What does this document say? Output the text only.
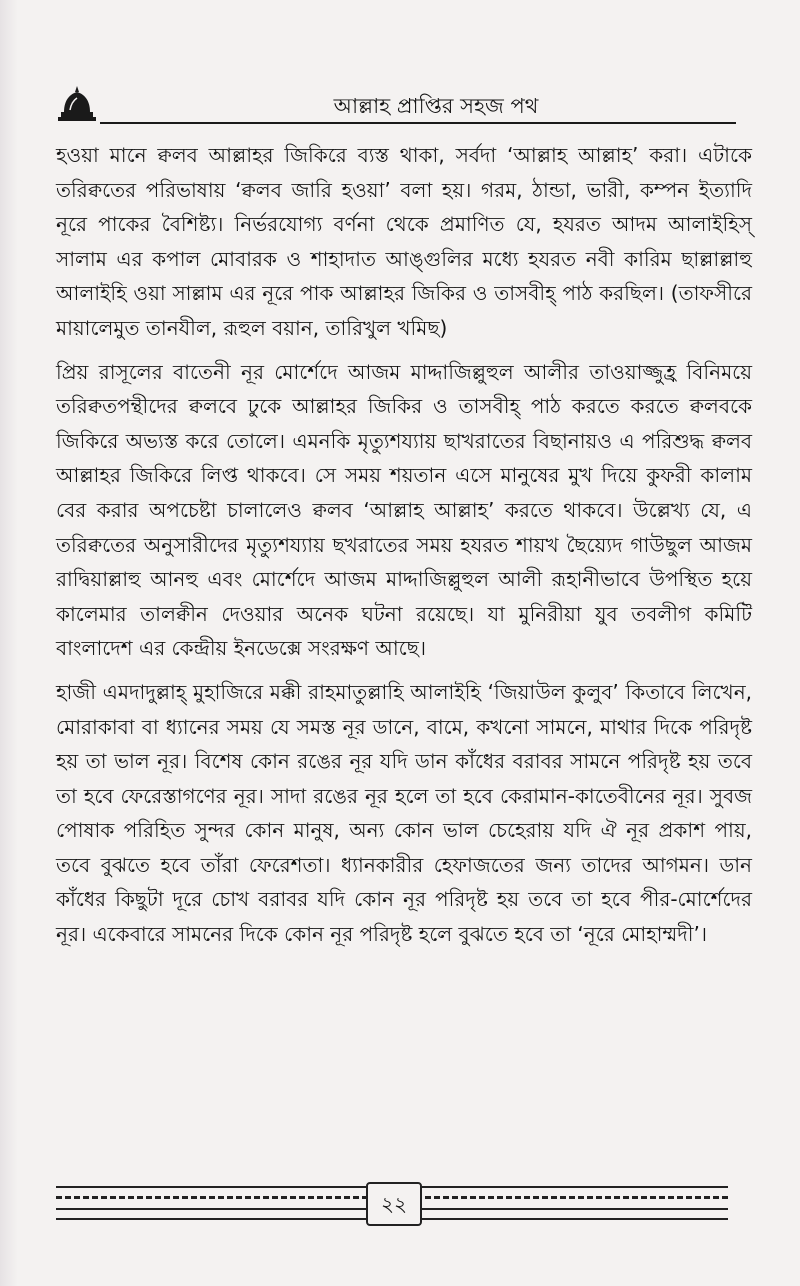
আল্লাহ প্রাপ্তির সহজ পথ

হওয়া মানে ক্বলব আল্লাহর জিকিরে ব্যস্ত থাকা, সর্বদা ‘আল্লাহ আল্লাহ’ করা। এটাকে তরিক্বতের পরিভাষায় ‘ক্বলব জারি হওয়া’ বলা হয়। গরম, ঠান্ডা, ভারী, কম্পন ইত্যাদি নূরে পাকের বৈশিষ্ট্য। নির্ভরযোগ্য বর্ণনা থেকে প্রমাণিত যে, হযরত আদম আলাইহিস্ সালাম এর কপাল মোবারক ও শাহাদাত আঙ্গুলির মধ্যে হযরত নবী কারিম ছাল্লাল্লাহু আলাইহি ওয়া সাল্লাম এর নূরে পাক আল্লাহর জিকির ও তাসবীহ্ পাঠ করছিল। (তাফসীরে মায়ালেমুত তানযীল, রূহুল বয়ান, তারিখুল খমিছ)

প্রিয় রাসূলের বাতেনী নূর মোর্শেদে আজম মাদ্দাজিল্লুহুল আলীর তাওয়াজ্জুহ্র বিনিময়ে তরিক্বতপন্থীদের ক্বলবে ঢুকে আল্লাহর জিকির ও তাসবীহ্ পাঠ করতে করতে ক্বলবকে জিকিরে অভ্যস্ত করে তোলে। এমনকি মৃত্যুশয্যায় ছাখরাতের বিছানায়ও এ পরিশুদ্ধ ক্বলব আল্লাহর জিকিরে লিপ্ত থাকবে। সে সময় শয়তান এসে মানুষের মুখ দিয়ে কুফরী কালাম বের করার অপচেষ্টা চালালেও ক্বলব ‘আল্লাহ আল্লাহ’ করতে থাকবে। উল্লেখ্য যে, এ তরিক্বতের অনুসারীদের মৃত্যুশয্যায় ছখরাতের সময় হযরত শায়খ ছৈয়্যেদ গাউছুল আজম রাদ্বিয়াল্লাহু আনহু এবং মোর্শেদে আজম মাদ্দাজিল্লুহুল আলী রূহানীভাবে উপস্থিত হয়ে কালেমার তালক্বীন দেওয়ার অনেক ঘটনা রয়েছে। যা মুনিরীয়া যুব তবলীগ কমিটি বাংলাদেশ এর কেন্দ্রীয় ইনডেক্সে সংরক্ষণ আছে।

হাজী এমদাদুল্লাহ্ মুহাজিরে মক্কী রাহমাতুল্লাহি আলাইহি ‘জিয়াউল কুলুব’ কিতাবে লিখেন, মোরাকাবা বা ধ্যানের সময় যে সমস্ত নূর ডানে, বামে, কখনো সামনে, মাথার দিকে পরিদৃষ্ট হয় তা ভাল নূর। বিশেষ কোন রঙের নূর যদি ডান কাঁধের বরাবর সামনে পরিদৃষ্ট হয় তবে তা হবে ফেরেস্তাগণের নূর। সাদা রঙের নূর হলে তা হবে কেরামান-কাতেবীনের নূর। সুবজ পোষাক পরিহিত সুন্দর কোন মানুষ, অন্য কোন ভাল চেহেরায় যদি ঐ নূর প্রকাশ পায়, তবে বুঝতে হবে তাঁরা ফেরেশতা। ধ্যানকারীর হেফাজতের জন্য তাদের আগমন। ডান কাঁধের কিছুটা দূরে চোখ বরাবর যদি কোন নূর পরিদৃষ্ট হয় তবে তা হবে পীর-মোর্শেদের নূর। একেবারে সামনের দিকে কোন নূর পরিদৃষ্ট হলে বুঝতে হবে তা ‘নূরে মোহাম্মদী’।

২২
